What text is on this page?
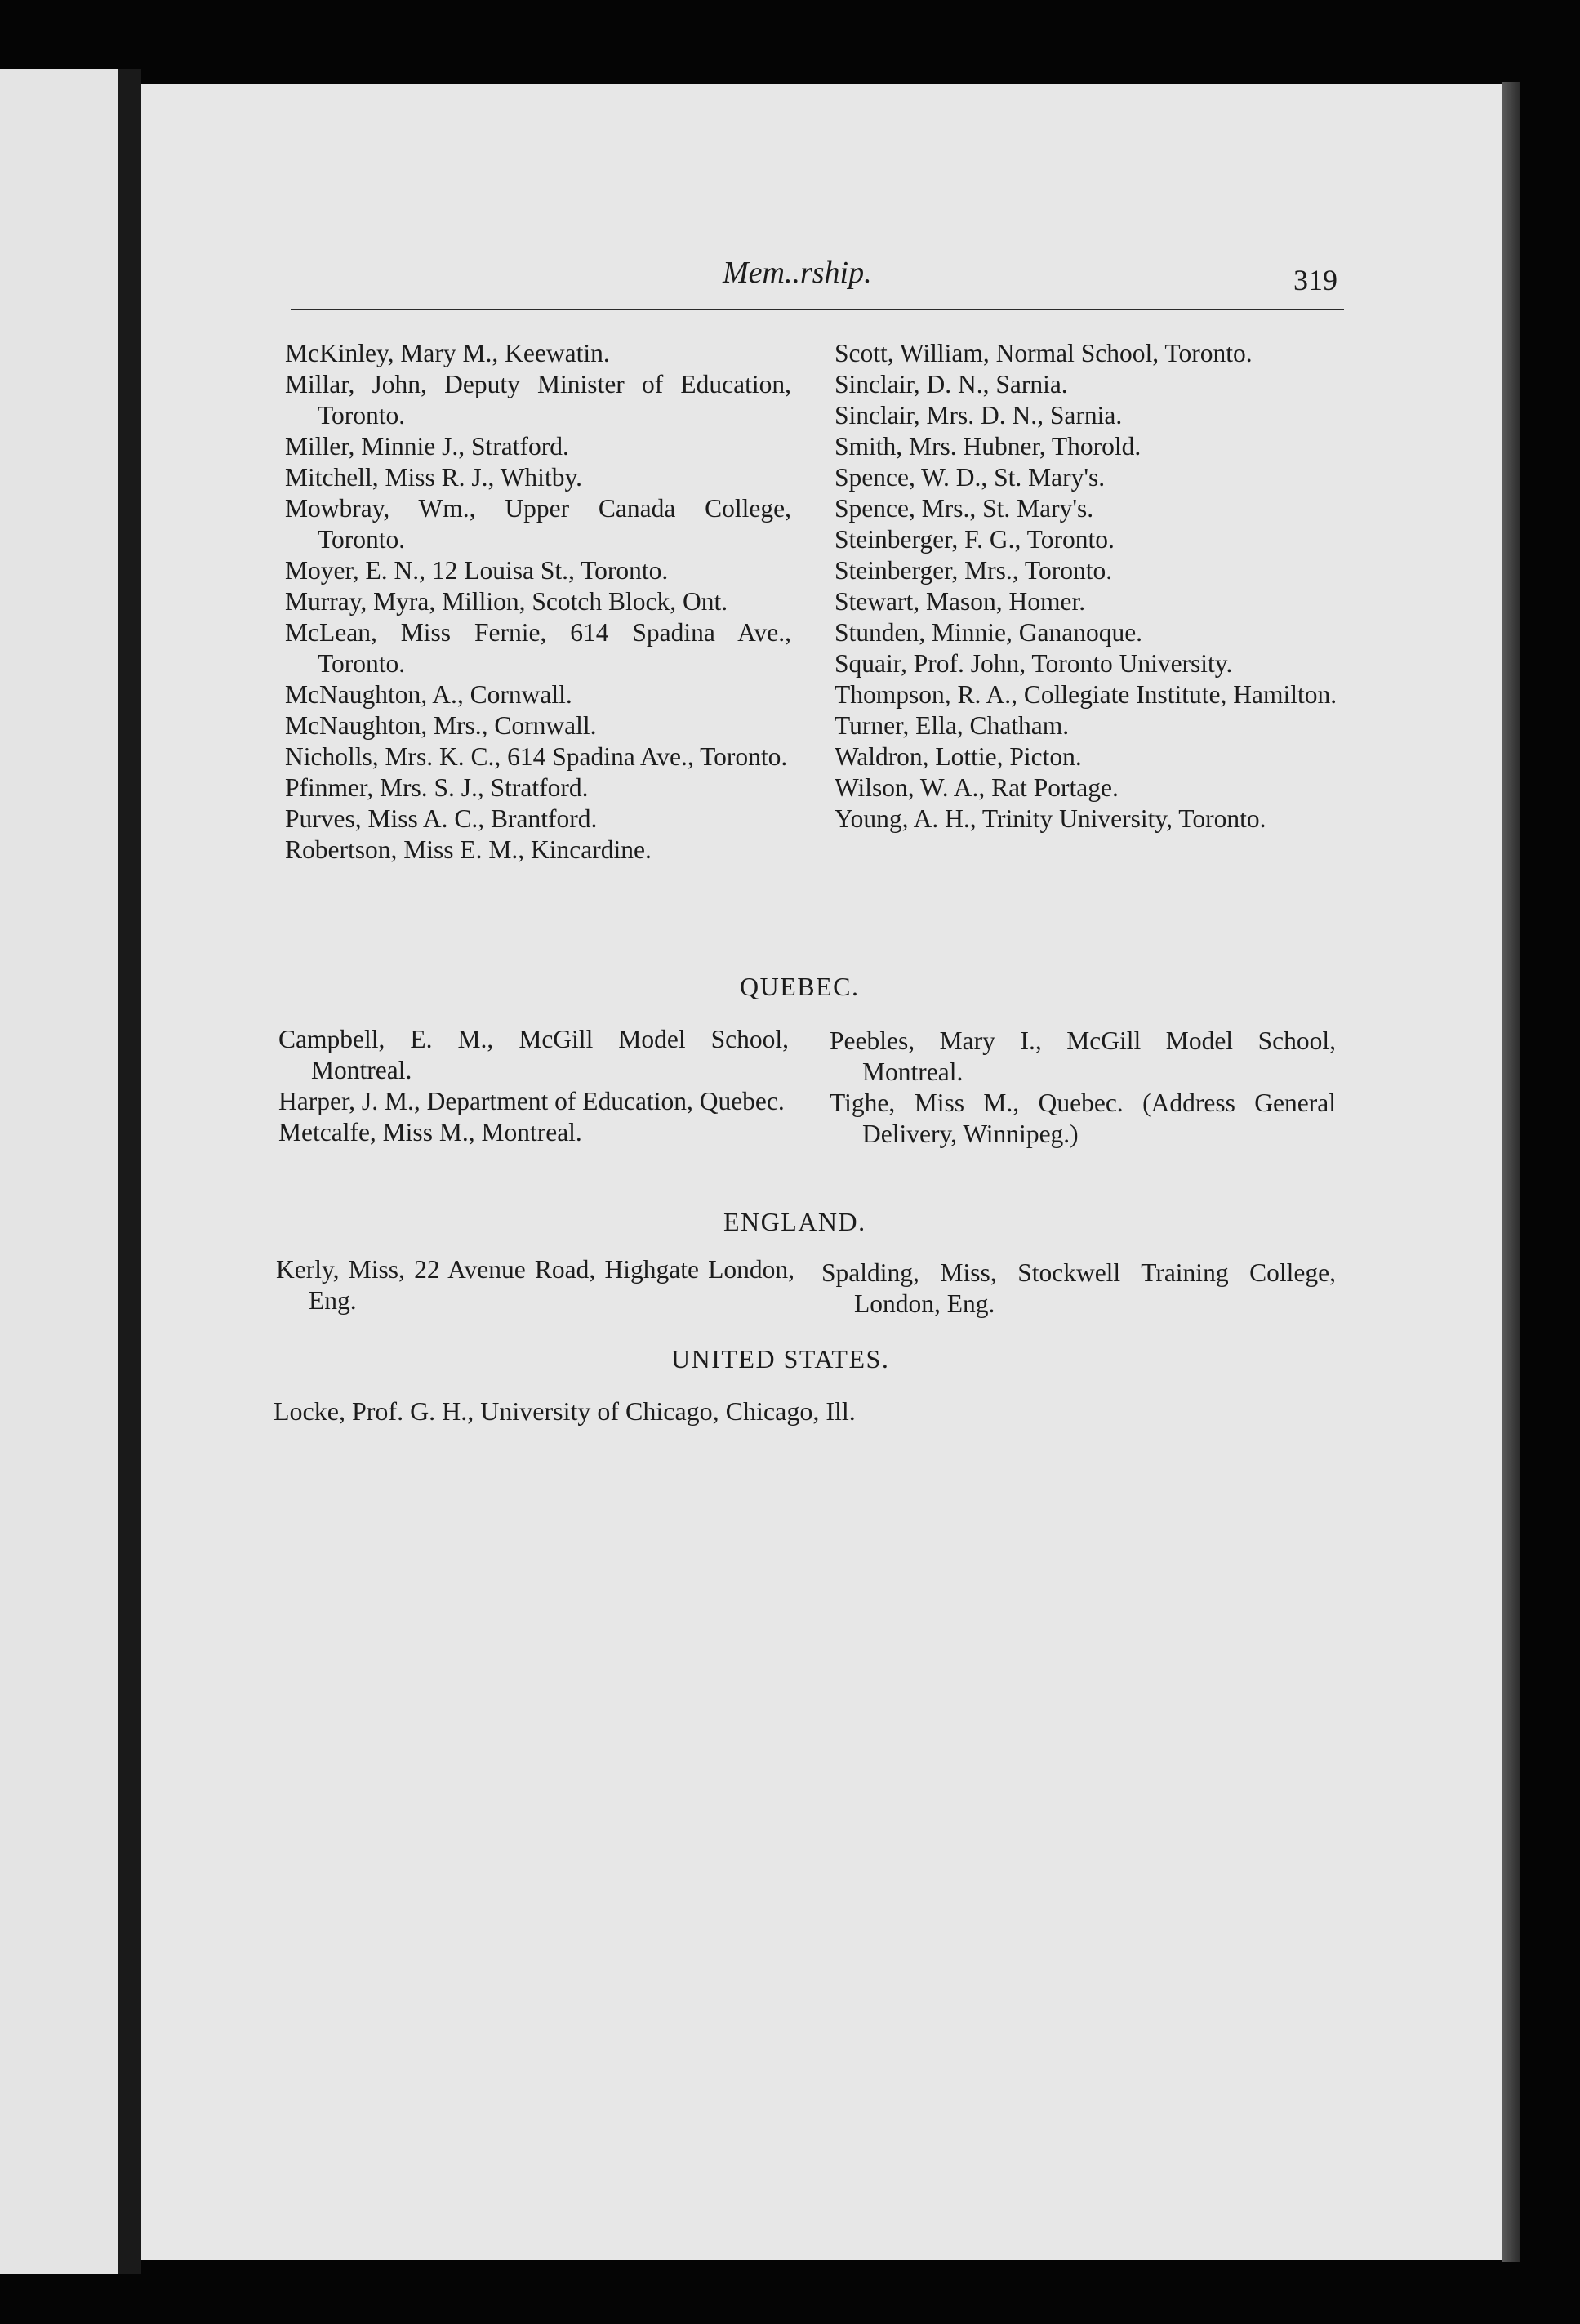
Mem..rship.	319
McKinley, Mary M., Keewatin.
Millar, John, Deputy Minister of Education, Toronto.
Miller, Minnie J., Stratford.
Mitchell, Miss R. J., Whitby.
Mowbray, Wm., Upper Canada College, Toronto.
Moyer, E. N., 12 Louisa St., Toronto.
Murray, Myra, Million, Scotch Block, Ont.
McLean, Miss Fernie, 614 Spadina Ave., Toronto.
McNaughton, A., Cornwall.
McNaughton, Mrs., Cornwall.
Nicholls, Mrs. K. C., 614 Spadina Ave., Toronto.
Pfinmer, Mrs. S. J., Stratford.
Purves, Miss A. C., Brantford.
Robertson, Miss E. M., Kincardine.
Scott, William, Normal School, Toronto.
Sinclair, D. N., Sarnia.
Sinclair, Mrs. D. N., Sarnia.
Smith, Mrs. Hubner, Thorold.
Spence, W. D., St. Mary's.
Spence, Mrs., St. Mary's.
Steinberger, F. G., Toronto.
Steinberger, Mrs., Toronto.
Stewart, Mason, Homer.
Stunden, Minnie, Gananoque.
Squair, Prof. John, Toronto University.
Thompson, R. A., Collegiate Institute, Hamilton.
Turner, Ella, Chatham.
Waldron, Lottie, Picton.
Wilson, W. A., Rat Portage.
Young, A. H., Trinity University, Toronto.
QUEBEC.
Campbell, E. M., McGill Model School, Montreal.
Harper, J. M., Department of Education, Quebec.
Metcalfe, Miss M., Montreal.
Peebles, Mary I., McGill Model School, Montreal.
Tighe, Miss M., Quebec. (Address General Delivery, Winnipeg.)
ENGLAND.
Kerly, Miss, 22 Avenue Road, Highgate London, Eng.
Spalding, Miss, Stockwell Training College, London, Eng.
UNITED STATES.
Locke, Prof. G. H., University of Chicago, Chicago, Ill.
